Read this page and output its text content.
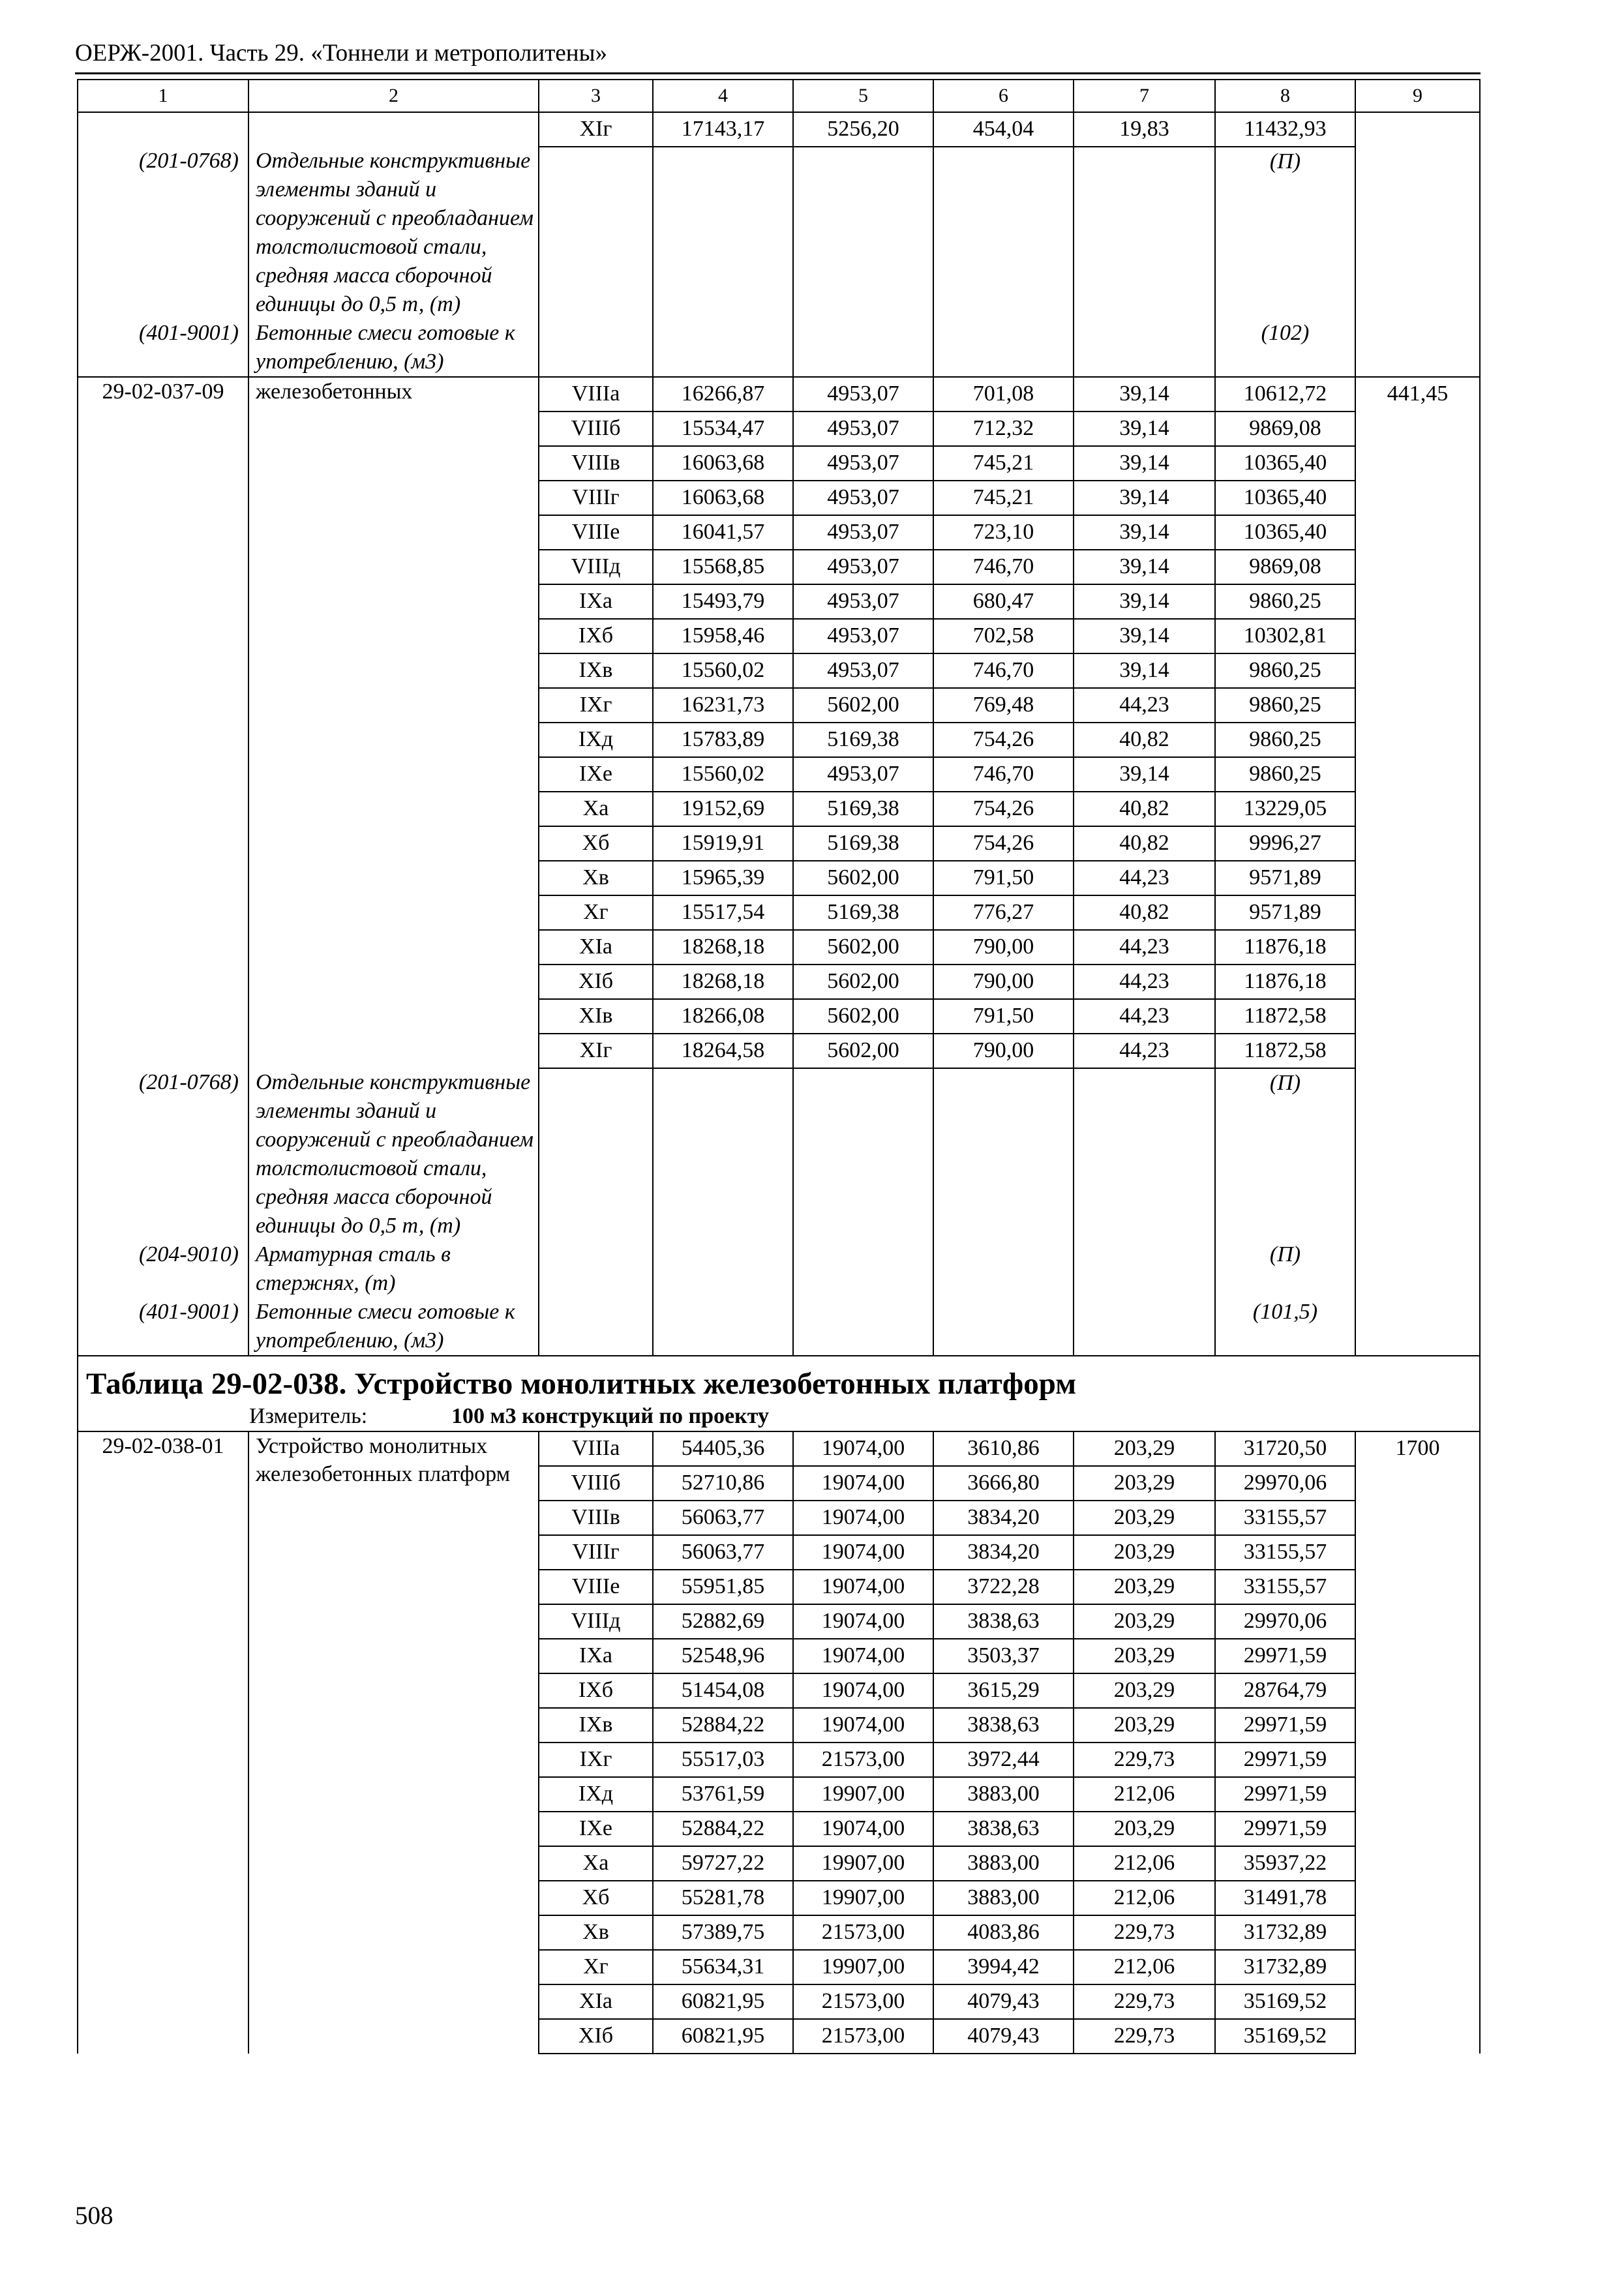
ОЕРЖ-2001. Часть 29. «Тоннели и метрополитены»
1	2	3	4	5	6	7	8	9
		XIг	17143,17	5256,20	454,04	19,83	11432,93	
(201-0768)	Отдельные конструктивные элементы зданий и сооружений с преобладанием толстолистовой стали, средняя масса сборочной единицы до 0,5 т, (т)						(П)	
(401-9001)	Бетонные смеси готовые к употреблению, (м3)						(102)	
29-02-037-09	железобетонных	VIIIа	16266,87	4953,07	701,08	39,14	10612,72	441,45
		VIIIб	15534,47	4953,07	712,32	39,14	9869,08	
		VIIIв	16063,68	4953,07	745,21	39,14	10365,40	
		VIIIг	16063,68	4953,07	745,21	39,14	10365,40	
		VIIIе	16041,57	4953,07	723,10	39,14	10365,40	
		VIIIд	15568,85	4953,07	746,70	39,14	9869,08	
		IXа	15493,79	4953,07	680,47	39,14	9860,25	
		IXб	15958,46	4953,07	702,58	39,14	10302,81	
		IXв	15560,02	4953,07	746,70	39,14	9860,25	
		IXг	16231,73	5602,00	769,48	44,23	9860,25	
		IXд	15783,89	5169,38	754,26	40,82	9860,25	
		IXе	15560,02	4953,07	746,70	39,14	9860,25	
		Xа	19152,69	5169,38	754,26	40,82	13229,05	
		Xб	15919,91	5169,38	754,26	40,82	9996,27	
		Xв	15965,39	5602,00	791,50	44,23	9571,89	
		Xг	15517,54	5169,38	776,27	40,82	9571,89	
		XIа	18268,18	5602,00	790,00	44,23	11876,18	
		XIб	18268,18	5602,00	790,00	44,23	11876,18	
		XIв	18266,08	5602,00	791,50	44,23	11872,58	
		XIг	18264,58	5602,00	790,00	44,23	11872,58	
(201-0768)	Отдельные конструктивные элементы зданий и сооружений с преобладанием толстолистовой стали, средняя масса сборочной единицы до 0,5 т, (т)						(П)	
(204-9010)	Арматурная сталь в стержнях, (т)						(П)	
(401-9001)	Бетонные смеси готовые к употреблению, (м3)						(101,5)	
Таблица 29-02-038. Устройство монолитных железобетонных платформ								
Измеритель: 100 м3 конструкций по проекту								
29-02-038-01	Устройство монолитных железобетонных платформ	VIIIа	54405,36	19074,00	3610,86	203,29	31720,50	1700
		VIIIб	52710,86	19074,00	3666,80	203,29	29970,06	
		VIIIв	56063,77	19074,00	3834,20	203,29	33155,57	
		VIIIг	56063,77	19074,00	3834,20	203,29	33155,57	
		VIIIе	55951,85	19074,00	3722,28	203,29	33155,57	
		VIIIд	52882,69	19074,00	3838,63	203,29	29970,06	
		IXа	52548,96	19074,00	3503,37	203,29	29971,59	
		IXб	51454,08	19074,00	3615,29	203,29	28764,79	
		IXв	52884,22	19074,00	3838,63	203,29	29971,59	
		IXг	55517,03	21573,00	3972,44	229,73	29971,59	
		IXд	53761,59	19907,00	3883,00	212,06	29971,59	
		IXе	52884,22	19074,00	3838,63	203,29	29971,59	
		Xа	59727,22	19907,00	3883,00	212,06	35937,22	
		Xб	55281,78	19907,00	3883,00	212,06	31491,78	
		Xв	57389,75	21573,00	4083,86	229,73	31732,89	
		Xг	55634,31	19907,00	3994,42	212,06	31732,89	
		XIа	60821,95	21573,00	4079,43	229,73	35169,52	
		XIб	60821,95	21573,00	4079,43	229,73	35169,52	
508
